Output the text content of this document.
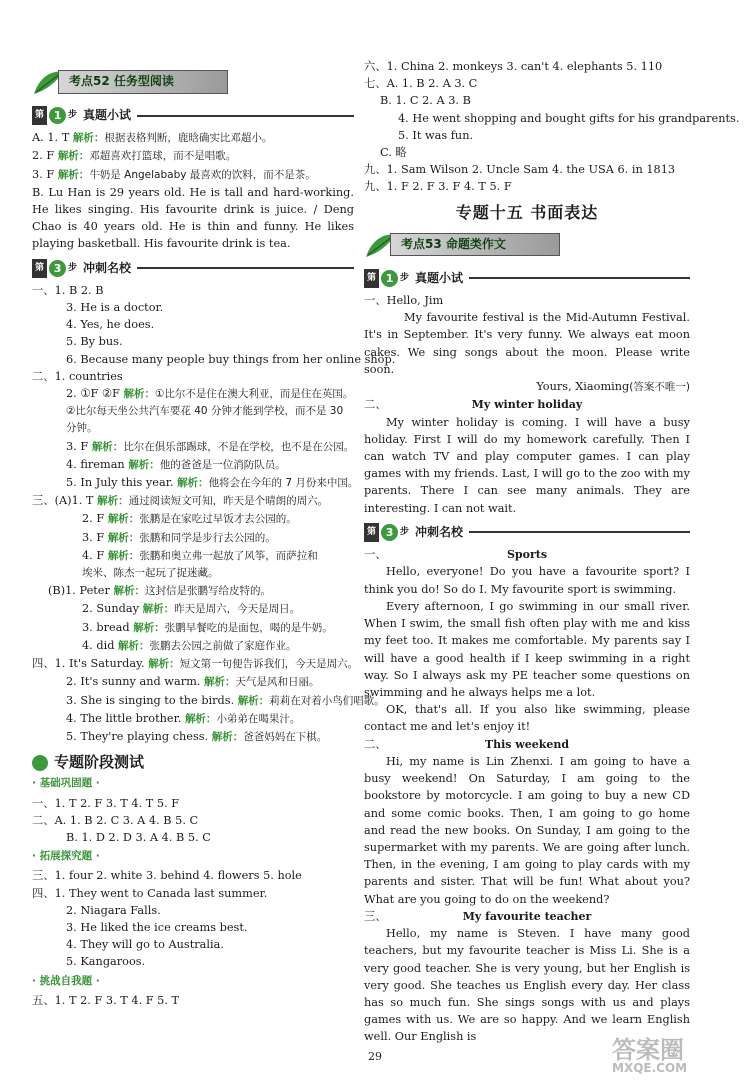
考点52 任务型阅读
第 1 步 真题小试
A. 1. T 解析：根据表格判断，鹿晗确实比邓超小。
2. F 解析：邓超喜欢打篮球，而不是唱歌。
3. F 解析：牛奶是 Angelababy 最喜欢的饮料，而不是茶。
B. Lu Han is 29 years old. He is tall and hard-working. He likes singing. His favourite drink is juice. / Deng Chao is 40 years old. He is thin and funny. He likes playing basketball. His favourite drink is tea.
第 3 步 冲刺名校
一、1. B 2. B
3. He is a doctor.
4. Yes, he does.
5. By bus.
6. Because many people buy things from her online shop.
二、1. countries
2. ①F ②F 解析：①比尔不是住在澳大利亚，而是住在英国。
②比尔每天坐公共汽车要花 40 分钟才能到学校，而不是 30 分钟。
3. F 解析：比尔在俱乐部踢球，不是在学校，也不是在公园。
4. fireman 解析：他的爸爸是一位消防队员。
5. In July this year. 解析：他将会在今年的 7 月份来中国。
三、(A)1. T 解析：通过阅读短文可知，昨天是个晴朗的周六。
2. F 解析：张鹏是在家吃过早饭才去公园的。
3. F 解析：张鹏和同学是步行去公园的。
4. F 解析：张鹏和奥立弗一起放了风筝，而萨拉和
埃米、陈杰一起玩了捉迷藏。
(B)1. Peter 解析：这封信是张鹏写给皮特的。
2. Sunday 解析：昨天是周六，今天是周日。
3. bread 解析：张鹏早餐吃的是面包，喝的是牛奶。
4. did 解析：张鹏去公园之前做了家庭作业。
四、1. It's Saturday. 解析：短文第一句便告诉我们，今天是周六。
2. It's sunny and warm. 解析：天气是风和日丽。
3. She is singing to the birds. 解析：莉莉在对着小鸟们唱歌。
4. The little brother. 解析：小弟弟在喝果汁。
5. They're playing chess. 解析：爸爸妈妈在下棋。
专题阶段测试
· 基础巩固题 ·
一、1. T 2. F 3. T 4. T 5. F
二、A. 1. B 2. C 3. A 4. B 5. C
B. 1. D 2. D 3. A 4. B 5. C
· 拓展探究题 ·
三、1. four 2. white 3. behind 4. flowers 5. hole
四、1. They went to Canada last summer.
2. Niagara Falls.
3. He liked the ice creams best.
4. They will go to Australia.
5. Kangaroos.
· 挑战自我题 ·
五、1. T 2. F 3. T 4. F 5. T
六、1. China 2. monkeys 3. can't 4. elephants 5. 110
七、A. 1. B 2. A 3. C
B. 1. C 2. A 3. B
4. He went shopping and bought gifts for his grandparents.
5. It was fun.
C. 略
九、1. Sam Wilson 2. Uncle Sam 4. the USA 6. in 1813
九、1. F 2. F 3. F 4. T 5. F
专题十五 书面表达
考点53 命题类作文
第 1 步 真题小试
一、Hello, Jim
My favourite festival is the Mid-Autumn Festival. It's in September. It's very funny. We always eat moon cakes. We sing songs about the moon. Please write soon.
Yours, Xiaoming(答案不唯一)
二、	My winter holiday
My winter holiday is coming. I will have a busy holiday. First I will do my homework carefully. Then I can watch TV and play computer games. I can play games with my friends. Last, I will go to the zoo with my parents. There I can see many animals. They are interesting. I can not wait.
第 3 步 冲刺名校
一、	Sports
Hello, everyone! Do you have a favourite sport? I think you do! So do I. My favourite sport is swimming.
Every afternoon, I go swimming in our small river. When I swim, the small fish often play with me and kiss my feet too. It makes me comfortable. My parents say I will have a good health if I keep swimming in a right way. So I always ask my PE teacher some questions on swimming and he always helps me a lot.
OK, that's all. If you also like swimming, please contact me and let's enjoy it!
二、	This weekend
Hi, my name is Lin Zhenxi. I am going to have a busy weekend! On Saturday, I am going to the bookstore by motorcycle. I am going to buy a new CD and some comic books. Then, I am going to go home and read the new books. On Sunday, I am going to the supermarket with my parents. We are going after lunch. Then, in the evening, I am going to play cards with my parents and sister. That will be fun! What about you? What are you going to do on the weekend?
三、	My favourite teacher
Hello, my name is Steven. I have many good teachers, but my favourite teacher is Miss Li. She is a very good teacher. She is very young, but her English is very good. She teaches us English every day. Her class has so much fun. She sings songs with us and plays games with us. We are so happy. And we learn English well. Our English is
29	答案圈
MXQE.COM
